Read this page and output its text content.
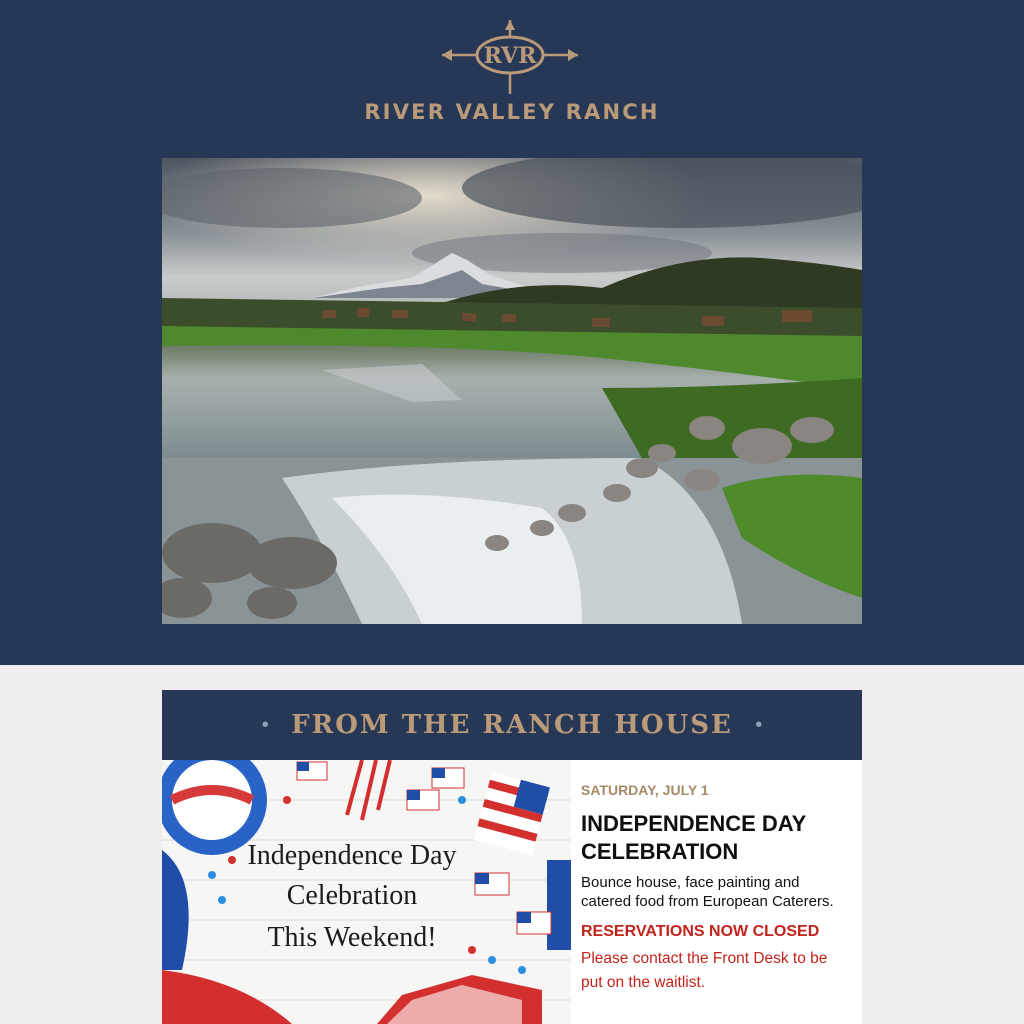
RVR
RIVER VALLEY RANCH
• FROM THE RANCH HOUSE •
Independence Day
Celebration
This Weekend!
SATURDAY, JULY 1
INDEPENDENCE DAY
CELEBRATION
Bounce house, face painting and catered food from European Caterers.
RESERVATIONS NOW CLOSED
Please contact the Front Desk to be put on the waitlist.
